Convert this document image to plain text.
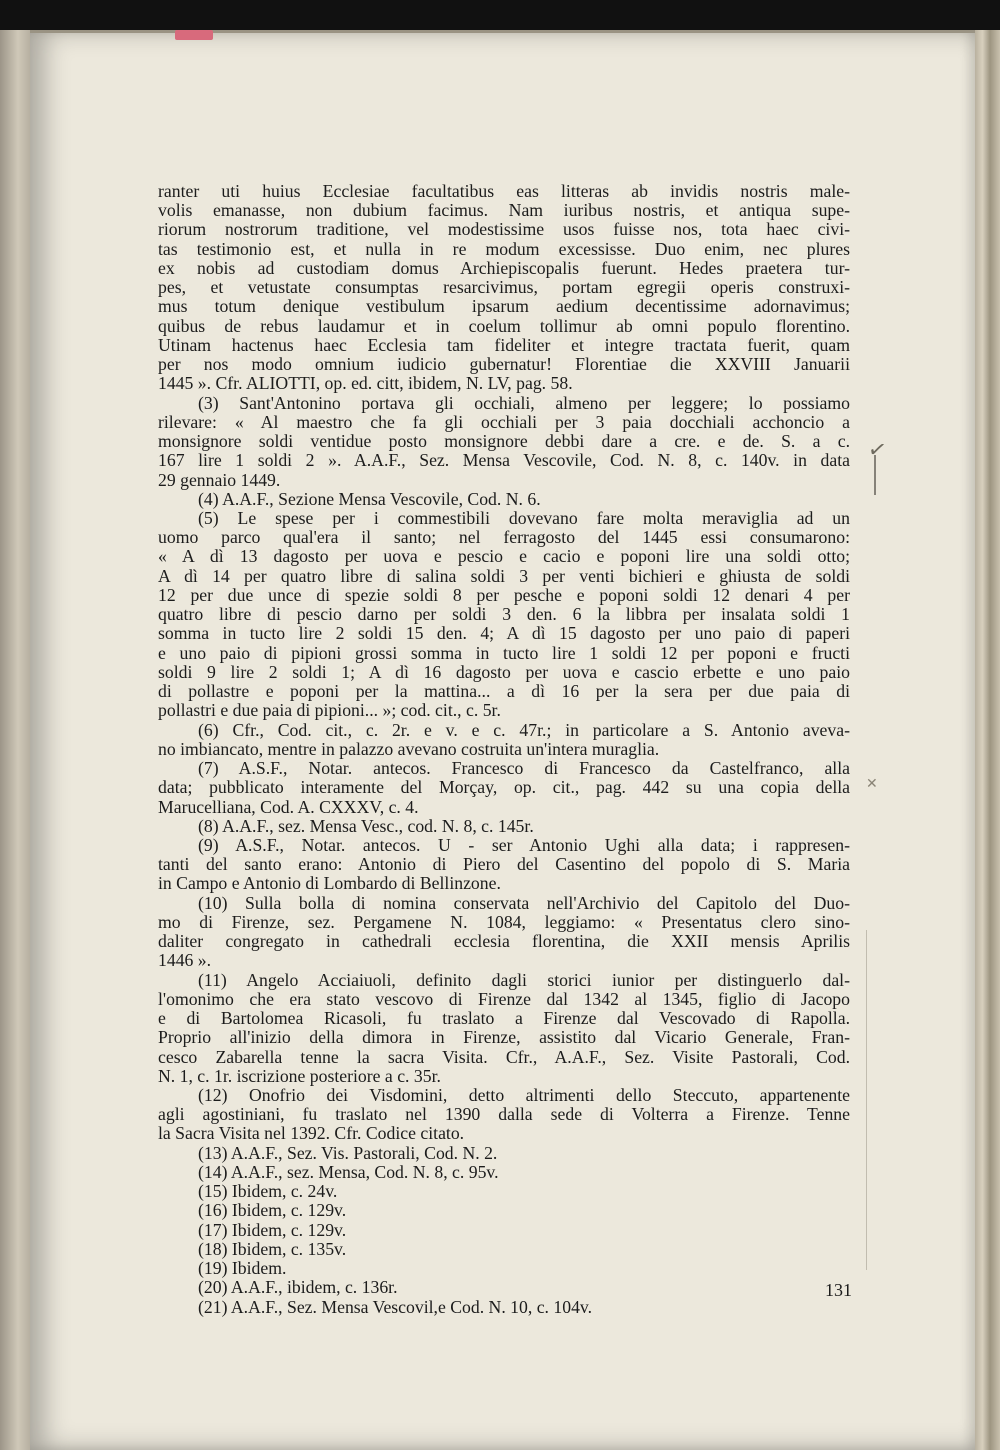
ranter uti huius Ecclesiae facultatibus eas litteras ab invidis nostris male-
volis emanasse, non dubium facimus. Nam iuribus nostris, et antiqua supe-
riorum nostrorum traditione, vel modestissime usos fuisse nos, tota haec civi-
tas testimonio est, et nulla in re modum excessisse. Duo enim, nec plures
ex nobis ad custodiam domus Archiepiscopalis fuerunt. Hedes praetera tur-
pes, et vetustate consumptas resarcivimus, portam egregii operis construxi-
mus totum denique vestibulum ipsarum aedium decentissime adornavimus;
quibus de rebus laudamur et in coelum tollimur ab omni populo florentino.
Utinam hactenus haec Ecclesia tam fideliter et integre tractata fuerit, quam
per nos modo omnium iudicio gubernatur! Florentiae die XXVIII Januarii
1445 ». Cfr. ALIOTTI, op. ed. citt, ibidem, N. LV, pag. 58.
(3) Sant'Antonino portava gli occhiali, almeno per leggere; lo possiamo
rilevare: « Al maestro che fa gli occhiali per 3 paia docchiali acchoncio a
monsignore soldi ventidue posto monsignore debbi dare a cre. e de. S. a c.
167 lire 1 soldi 2 ». A.A.F., Sez. Mensa Vescovile, Cod. N. 8, c. 140v. in data
29 gennaio 1449.
(4) A.A.F., Sezione Mensa Vescovile, Cod. N. 6.
(5) Le spese per i commestibili dovevano fare molta meraviglia ad un
uomo parco qual'era il santo; nel ferragosto del 1445 essi consumarono:
« A dì 13 dagosto per uova e pescio e cacio e poponi lire una soldi otto;
A dì 14 per quatro libre di salina soldi 3 per venti bichieri e ghiusta de soldi
12 per due unce di spezie soldi 8 per pesche e poponi soldi 12 denari 4 per
quatro libre di pescio darno per soldi 3 den. 6 la libbra per insalata soldi 1
somma in tucto lire 2 soldi 15 den. 4; A dì 15 dagosto per uno paio di paperi
e uno paio di pipioni grossi somma in tucto lire 1 soldi 12 per poponi e fructi
soldi 9 lire 2 soldi 1; A dì 16 dagosto per uova e cascio erbette e uno paio
di pollastre e poponi per la mattina... a dì 16 per la sera per due paia di
pollastri e due paia di pipioni... »; cod. cit., c. 5r.
(6) Cfr., Cod. cit., c. 2r. e v. e c. 47r.; in particolare a S. Antonio aveva-
no imbiancato, mentre in palazzo avevano costruita un'intera muraglia.
(7) A.S.F., Notar. antecos. Francesco di Francesco da Castelfranco, alla
data; pubblicato interamente del Morçay, op. cit., pag. 442 su una copia della
Marucelliana, Cod. A. CXXXV, c. 4.
(8) A.A.F., sez. Mensa Vesc., cod. N. 8, c. 145r.
(9) A.S.F., Notar. antecos. U - ser Antonio Ughi alla data; i rappresen-
tanti del santo erano: Antonio di Piero del Casentino del popolo di S. Maria
in Campo e Antonio di Lombardo di Bellinzone.
(10) Sulla bolla di nomina conservata nell'Archivio del Capitolo del Duo-
mo di Firenze, sez. Pergamene N. 1084, leggiamo: « Presentatus clero sino-
daliter congregato in cathedrali ecclesia florentina, die XXII mensis Aprilis
1446 ».
(11) Angelo Acciaiuoli, definito dagli storici iunior per distinguerlo dal-
l'omonimo che era stato vescovo di Firenze dal 1342 al 1345, figlio di Jacopo
e di Bartolomea Ricasoli, fu traslato a Firenze dal Vescovado di Rapolla.
Proprio all'inizio della dimora in Firenze, assistito dal Vicario Generale, Fran-
cesco Zabarella tenne la sacra Visita. Cfr., A.A.F., Sez. Visite Pastorali, Cod.
N. 1, c. 1r. iscrizione posteriore a c. 35r.
(12) Onofrio dei Visdomini, detto altrimenti dello Steccuto, appartenente
agli agostiniani, fu traslato nel 1390 dalla sede di Volterra a Firenze. Tenne
la Sacra Visita nel 1392. Cfr. Codice citato.
(13) A.A.F., Sez. Vis. Pastorali, Cod. N. 2.
(14) A.A.F., sez. Mensa, Cod. N. 8, c. 95v.
(15) Ibidem, c. 24v.
(16) Ibidem, c. 129v.
(17) Ibidem, c. 129v.
(18) Ibidem, c. 135v.
(19) Ibidem.
(20) A.A.F., ibidem, c. 136r.
(21) A.A.F., Sez. Mensa Vescovil,e Cod. N. 10, c. 104v.
✓
✕
131
